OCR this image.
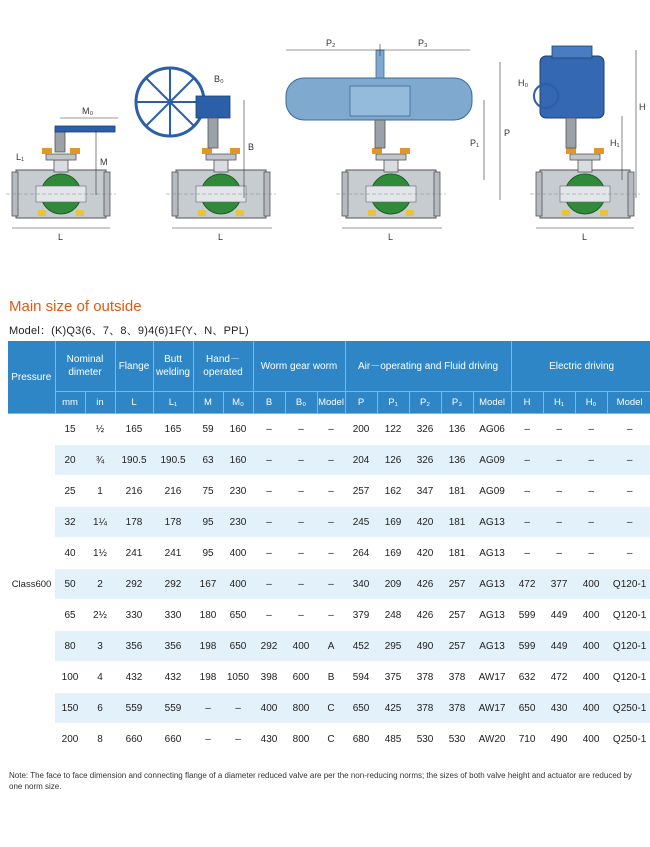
M₀
M
L₁
L
B₀
B
L
P₂	P₃
P
P₁
L
H₀
H
H₁
L
Main size of outside

Model：(K)Q3(6、7、8、9)4(6)1F(Y、N、PPL)

Pressure	Nominal dimeter		Flange	Butt welding	Hand－operated		Worm gear worm			Air－operating and Fluid driving					Electric driving			
	mm	in	L	L₁	M	M₀	B	B₀	Model	P	P₁	P₂	P₃	Model	H	H₁	H₀	Model
Class600	15	½	165	165	59	160	–	–	–	200	122	326	136	AG06	–	–	–	–
	20	¾	190.5	190.5	63	160	–	–	–	204	126	326	136	AG09	–	–	–	–
	25	1	216	216	75	230	–	–	–	257	162	347	181	AG09	–	–	–	–
	32	1¼	178	178	95	230	–	–	–	245	169	420	181	AG13	–	–	–	–
	40	1½	241	241	95	400	–	–	–	264	169	420	181	AG13	–	–	–	–
	50	2	292	292	167	400	–	–	–	340	209	426	257	AG13	472	377	400	Q120-1
	65	2½	330	330	180	650	–	–	–	379	248	426	257	AG13	599	449	400	Q120-1
	80	3	356	356	198	650	292	400	A	452	295	490	257	AG13	599	449	400	Q120-1
	100	4	432	432	198	1050	398	600	B	594	375	378	378	AW17	632	472	400	Q120-1
	150	6	559	559	–	–	400	800	C	650	425	378	378	AW17	650	430	400	Q250-1
	200	8	660	660	–	–	430	800	C	680	485	530	530	AW20	710	490	400	Q250-1

Note: The face to face dimension and connecting flange of a diameter reduced valve are per the non-reducing norms; the sizes of both valve height and actuator are reduced by one norm size.
